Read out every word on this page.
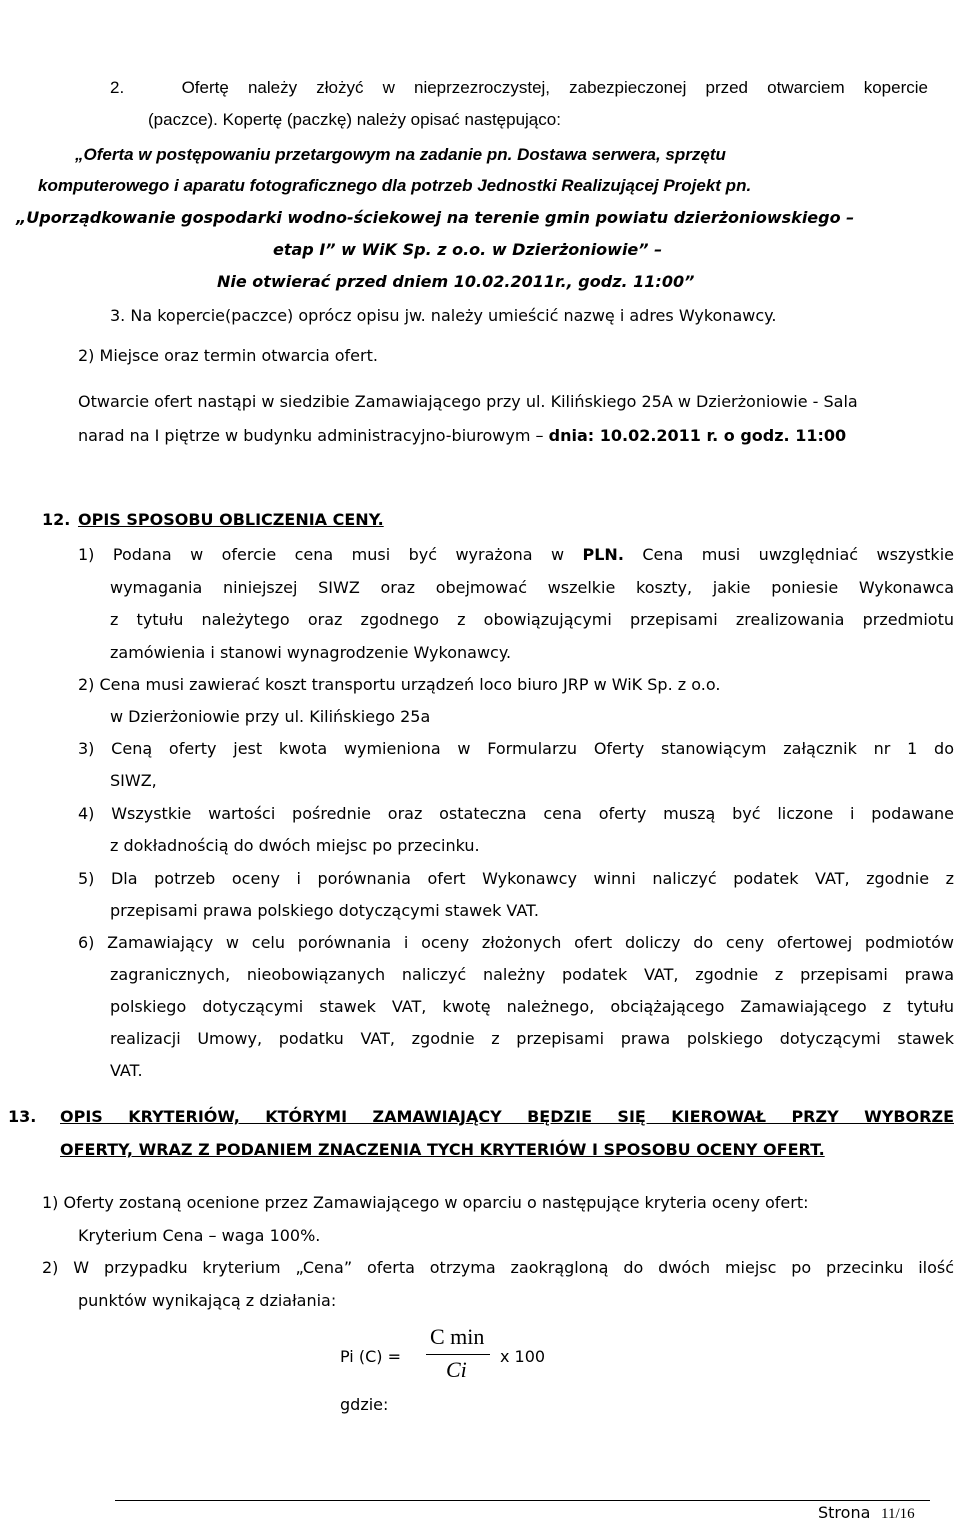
2.	Ofertę należy złożyć w nieprzezroczystej, zabezpieczonej przed otwarciem kopercie
(paczce). Kopertę (paczkę) należy opisać następująco:
„Oferta w postępowaniu przetargowym na zadanie pn. Dostawa serwera, sprzętu
komputerowego i aparatu fotograficznego dla potrzeb Jednostki Realizującej Projekt pn.
„Uporządkowanie gospodarki wodno-ściekowej na terenie gmin powiatu dzierżoniowskiego –
etap I” w WiK Sp. z o.o. w Dzierżoniowie” –
Nie otwierać przed dniem 10.02.2011r., godz. 11:00”
3. Na kopercie(paczce) oprócz opisu jw. należy umieścić nazwę i adres Wykonawcy.
2) Miejsce oraz termin otwarcia ofert.
Otwarcie ofert nastąpi w siedzibie Zamawiającego przy ul. Kilińskiego 25A w Dzierżoniowie - Sala
narad na I piętrze w budynku administracyjno-biurowym – dnia: 10.02.2011 r. o godz. 11:00
12. OPIS SPOSOBU OBLICZENIA CENY.
1) Podana w ofercie cena musi być wyrażona w PLN. Cena musi uwzględniać wszystkie
wymagania niniejszej SIWZ oraz obejmować wszelkie koszty, jakie poniesie Wykonawca
z tytułu należytego oraz zgodnego z obowiązującymi przepisami zrealizowania przedmiotu
zamówienia i stanowi wynagrodzenie Wykonawcy.
2) Cena musi zawierać koszt transportu urządzeń loco biuro JRP w WiK Sp. z o.o.
w Dzierżoniowie przy ul. Kilińskiego 25a
3) Ceną oferty jest kwota wymieniona w Formularzu Oferty stanowiącym załącznik nr 1 do
SIWZ,
4) Wszystkie wartości pośrednie oraz ostateczna cena oferty muszą być liczone i podawane
z dokładnością do dwóch miejsc po przecinku.
5) Dla potrzeb oceny i porównania ofert Wykonawcy winni naliczyć podatek VAT, zgodnie z
przepisami prawa polskiego dotyczącymi stawek VAT.
6) Zamawiający w celu porównania i oceny złożonych ofert doliczy do ceny ofertowej podmiotów
zagranicznych, nieobowiązanych naliczyć należny podatek VAT, zgodnie z przepisami prawa
polskiego dotyczącymi stawek VAT, kwotę należnego, obciążającego Zamawiającego z tytułu
realizacji Umowy, podatku VAT, zgodnie z przepisami prawa polskiego dotyczącymi stawek
VAT.
13. OPIS KRYTERIÓW, KTÓRYMI ZAMAWIAJĄCY BĘDZIE SIĘ KIEROWAŁ PRZY WYBORZE
OFERTY, WRAZ Z PODANIEM ZNACZENIA TYCH KRYTERIÓW I SPOSOBU OCENY OFERT.
1) Oferty zostaną ocenione przez Zamawiającego w oparciu o następujące kryteria oceny ofert:
Kryterium Cena – waga 100%.
2) W przypadku kryterium „Cena” oferta otrzyma zaokrągloną do dwóch miejsc po przecinku ilość
punktów wynikającą z działania:
Pi (C) =
C min
Ci
x 100
gdzie:
Strona 11/16
